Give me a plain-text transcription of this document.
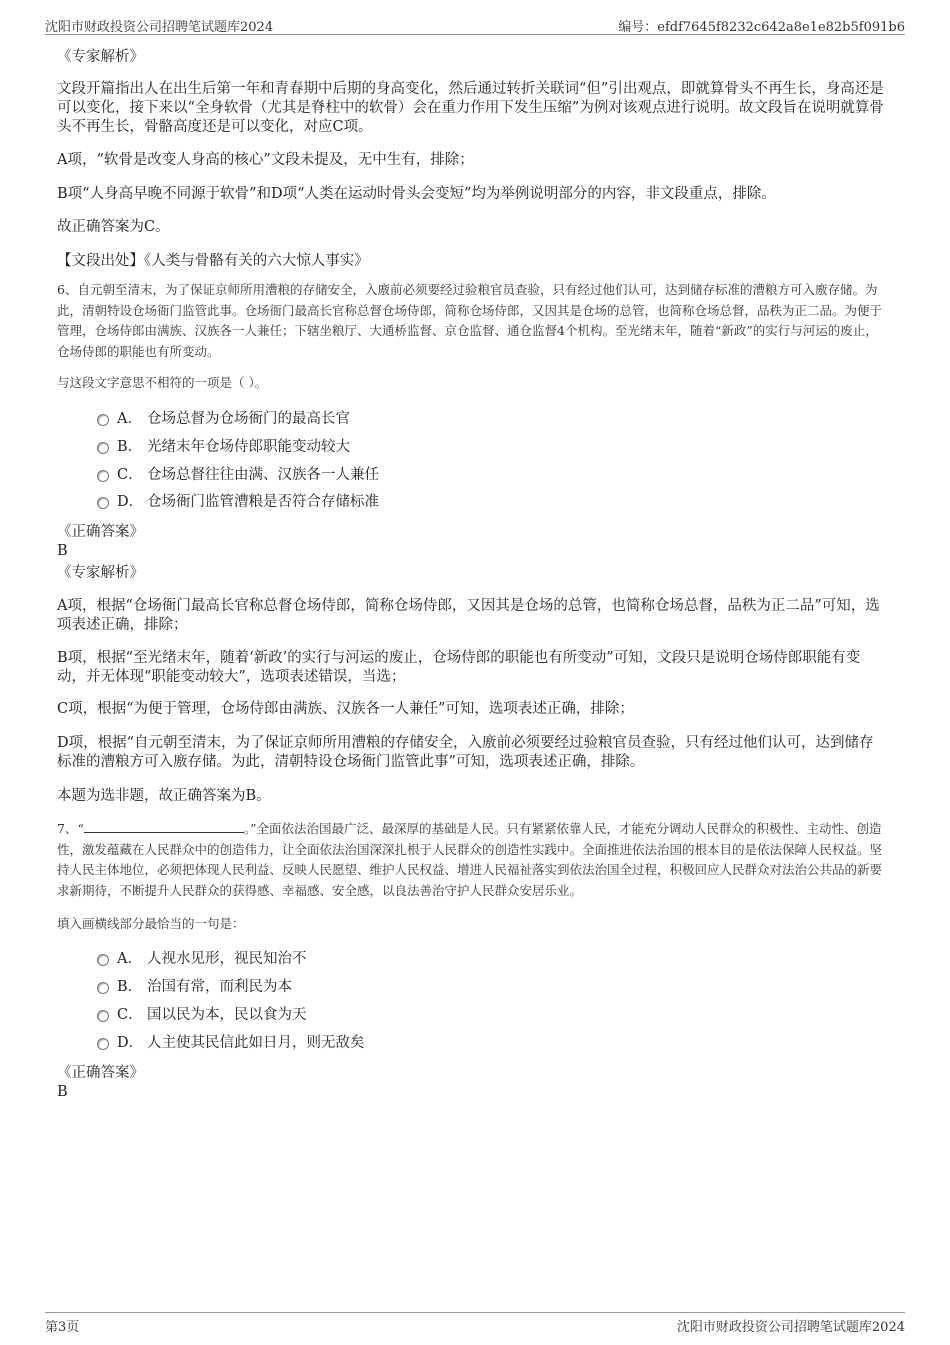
沈阳市财政投资公司招聘笔试题库2024	编号：efdf7645f8232c642a8e1e82b5f091b6
《专家解析》
文段开篇指出人在出生后第一年和青春期中后期的身高变化，然后通过转折关联词“但”引出观点，即就算骨头不再生长，身高还是可以变化，接下来以“全身软骨（尤其是脊柱中的软骨）会在重力作用下发生压缩”为例对该观点进行说明。故文段旨在说明就算骨头不再生长，骨骼高度还是可以变化，对应C项。
A项，“软骨是改变人身高的核心”文段未提及，无中生有，排除；
B项“人身高早晚不同源于软骨”和D项“人类在运动时骨头会变短”均为举例说明部分的内容，非文段重点，排除。
故正确答案为C。
【文段出处】《人类与骨骼有关的六大惊人事实》
6、自元朝至清末，为了保证京师所用漕粮的存储安全，入廒前必须要经过验粮官员查验，只有经过他们认可，达到储存标准的漕粮方可入廒存储。为此，清朝特设仓场衙门监管此事。仓场衙门最高长官称总督仓场侍郎，简称仓场侍郎，又因其是仓场的总管，也简称仓场总督，品秩为正二品。为便于管理，仓场侍郎由满族、汉族各一人兼任；下辖坐粮厅、大通桥监督、京仓监督、通仓监督4个机构。至光绪末年，随着“新政”的实行与河运的废止，仓场侍郎的职能也有所变动。
与这段文字意思不相符的一项是（ ）。
A． 仓场总督为仓场衙门的最高长官
B． 光绪末年仓场侍郎职能变动较大
C． 仓场总督往往由满、汉族各一人兼任
D． 仓场衙门监管漕粮是否符合存储标准
《正确答案》
B
《专家解析》
A项，根据“仓场衙门最高长官称总督仓场侍郎，简称仓场侍郎，又因其是仓场的总管，也简称仓场总督，品秩为正二品”可知，选项表述正确，排除；
B项，根据“至光绪末年，随着‘新政’的实行与河运的废止，仓场侍郎的职能也有所变动”可知，文段只是说明仓场侍郎职能有变动，并无体现“职能变动较大”，选项表述错误，当选；
C项，根据“为便于管理，仓场侍郎由满族、汉族各一人兼任”可知，选项表述正确，排除；
D项，根据“自元朝至清末，为了保证京师所用漕粮的存储安全，入廒前必须要经过验粮官员查验，只有经过他们认可，达到储存标准的漕粮方可入廒存储。为此，清朝特设仓场衙门监管此事”可知，选项表述正确，排除。
本题为选非题，故正确答案为B。
7、“	。”全面依法治国最广泛、最深厚的基础是人民。只有紧紧依靠人民，才能充分调动人民群众的积极性、主动性、创造性，激发蕴藏在人民群众中的创造伟力，让全面依法治国深深扎根于人民群众的创造性实践中。全面推进依法治国的根本目的是依法保障人民权益。坚持人民主体地位，必须把体现人民利益、反映人民愿望、维护人民权益、增进人民福祉落实到依法治国全过程，积极回应人民群众对法治公共品的新要求新期待，不断提升人民群众的获得感、幸福感、安全感，以良法善治守护人民群众安居乐业。
填入画横线部分最恰当的一句是：
A． 人视水见形，视民知治不
B． 治国有常，而利民为本
C． 国以民为本，民以食为天
D． 人主使其民信此如日月，则无敌矣
《正确答案》
B
第3页	沈阳市财政投资公司招聘笔试题库2024
